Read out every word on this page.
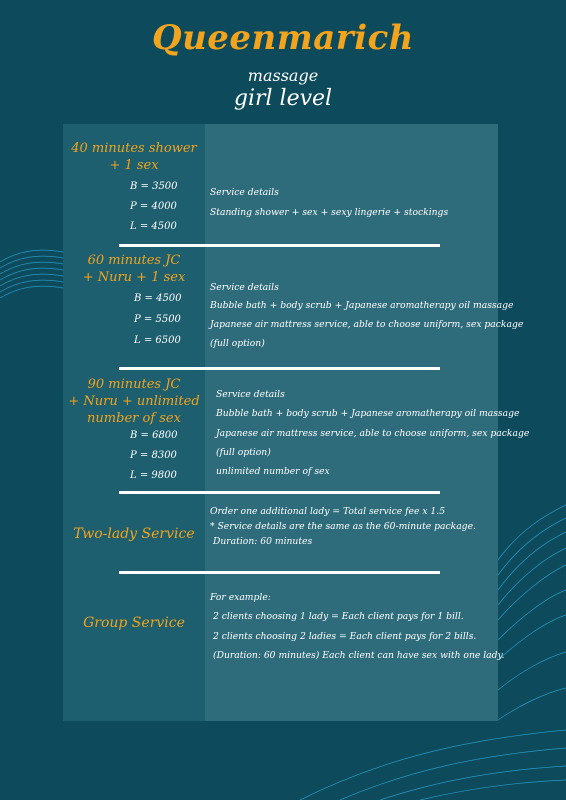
Queenmarich
massage
girl level
40 minutes shower
+ 1 sex
B = 3500
P = 4000
L = 4500
Service details
Standing shower + sex + sexy lingerie + stockings
60 minutes JC
+ Nuru + 1 sex
B = 4500
P = 5500
L = 6500
Service details
Bubble bath + body scrub + Japanese aromatherapy oil massage
Japanese air mattress service, able to choose uniform, sex package
(full option)
90 minutes JC
+ Nuru + unlimited
number of sex
B = 6800
P = 8300
L = 9800
Service details
Bubble bath + body scrub + Japanese aromatherapy oil massage
Japanese air mattress service, able to choose uniform, sex package
(full option)
unlimited number of sex
Two-lady Service
Order one additional lady = Total service fee x 1.5
* Service details are the same as the 60-minute package.
Duration: 60 minutes
Group Service
For example:
2 clients choosing 1 lady = Each client pays for 1 bill.
2 clients choosing 2 ladies = Each client pays for 2 bills.
(Duration: 60 minutes) Each client can have sex with one lady.
